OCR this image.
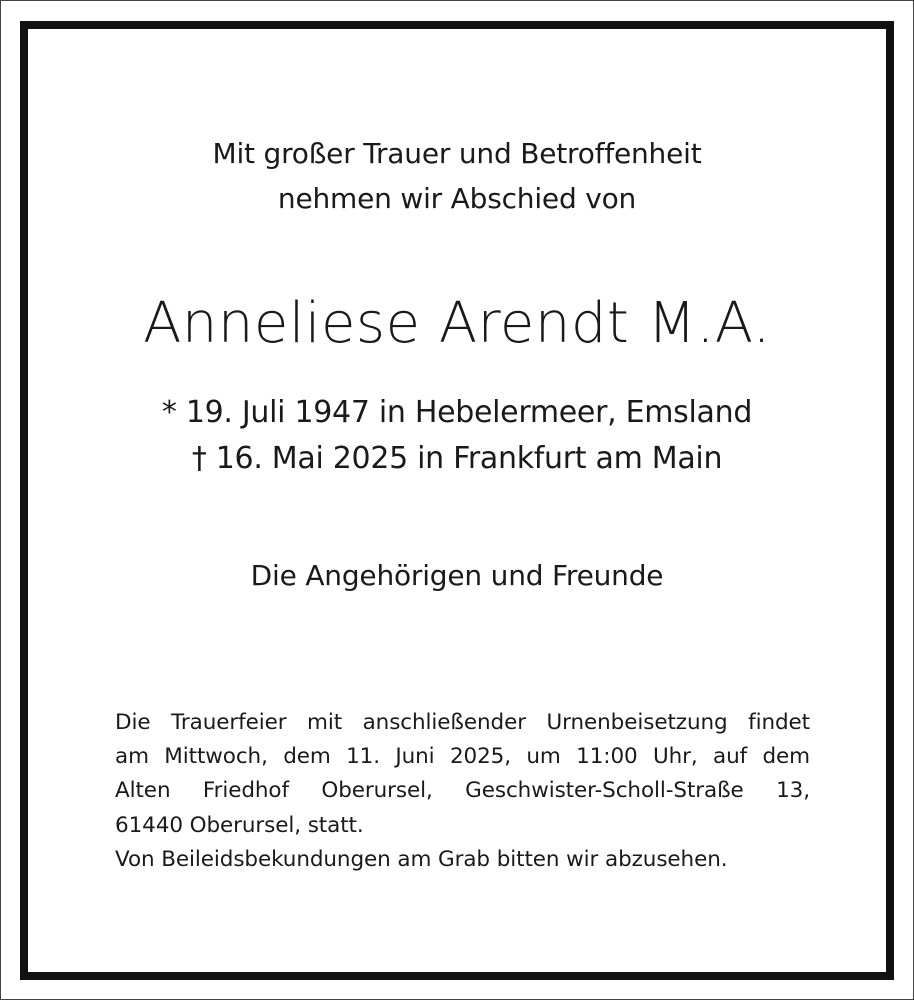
Mit großer Trauer und Betroffenheit
nehmen wir Abschied von
Anneliese Arendt M.A.
* 19. Juli 1947 in Hebelermeer, Emsland
† 16. Mai 2025 in Frankfurt am Main
Die Angehörigen und Freunde
Die Trauerfeier mit anschließender Urnenbeisetzung findet
am Mittwoch, dem 11. Juni 2025, um 11:00 Uhr, auf dem
Alten Friedhof Oberursel, Geschwister-Scholl-Straße 13,
61440 Oberursel, statt.
Von Beileidsbekundungen am Grab bitten wir abzusehen.
